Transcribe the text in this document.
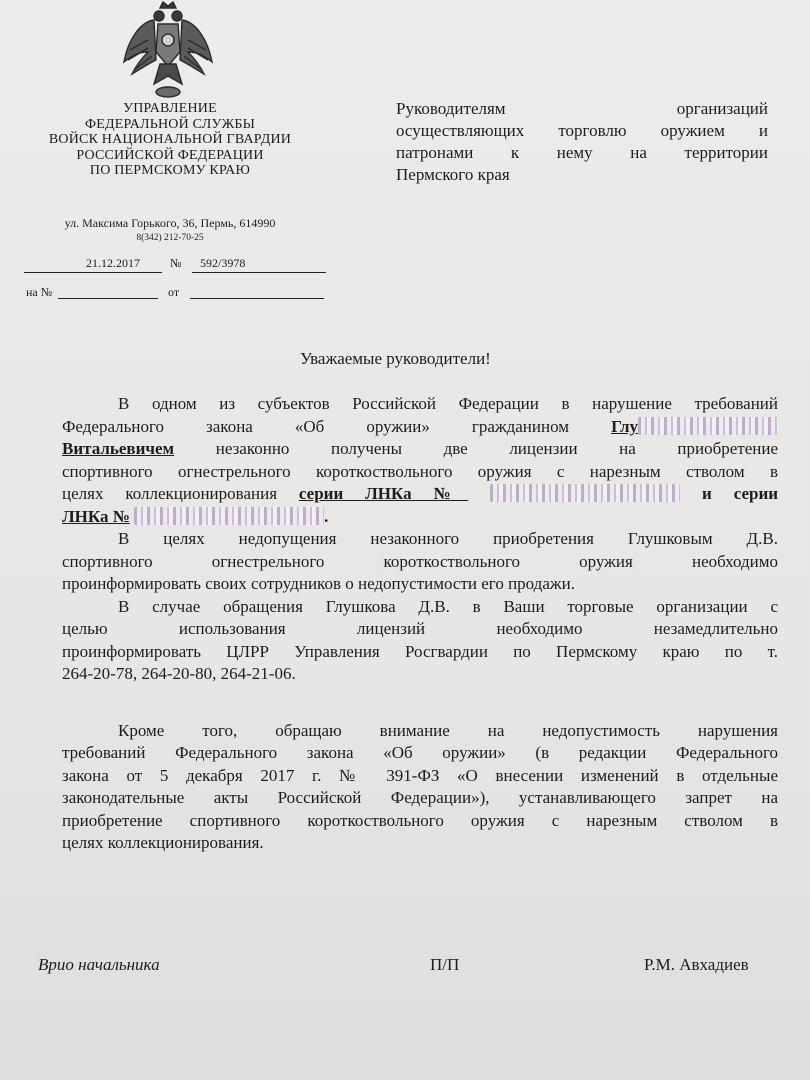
УПРАВЛЕНИЕ
ФЕДЕРАЛЬНОЙ СЛУЖБЫ
ВОЙСК НАЦИОНАЛЬНОЙ ГВАРДИИ
РОССИЙСКОЙ ФЕДЕРАЦИИ
ПО ПЕРМСКОМУ КРАЮ
ул. Максима Горького, 36, Пермь, 614990
8(342) 212-70-25
21.12.2017	№ 592/3978
на №	от
Руководителям организаций
осуществляющих торговлю оружием и
патронами к нему на территории
Пермского края
Уважаемые руководители!
В одном из субъектов Российской Федерации в нарушение требований
Федерального закона «Об оружии» гражданином Глу
Витальевичем незаконно получены две лицензии на приобретение
спортивного огнестрельного короткоствольного оружия с нарезным стволом в
целях коллекционирования серии ЛНКа №	и серии
ЛНКа №	.
В целях недопущения незаконного приобретения Глушковым Д.В.
спортивного огнестрельного короткоствольного оружия необходимо
проинформировать своих сотрудников о недопустимости его продажи.
В случае обращения Глушкова Д.В. в Ваши торговые организации с
целью использования лицензий необходимо незамедлительно
проинформировать ЦЛРР Управления Росгвардии по Пермскому краю по т.
264-20-78, 264-20-80, 264-21-06.
Кроме того, обращаю внимание на недопустимость нарушения
требований Федерального закона «Об оружии» (в редакции Федерального
закона от 5 декабря 2017 г. № 391-ФЗ «О внесении изменений в отдельные
законодательные акты Российской Федерации»), устанавливающего запрет на
приобретение спортивного короткоствольного оружия с нарезным стволом в
целях коллекционирования.
Врио начальника	П/П	Р.М. Авхадиев
